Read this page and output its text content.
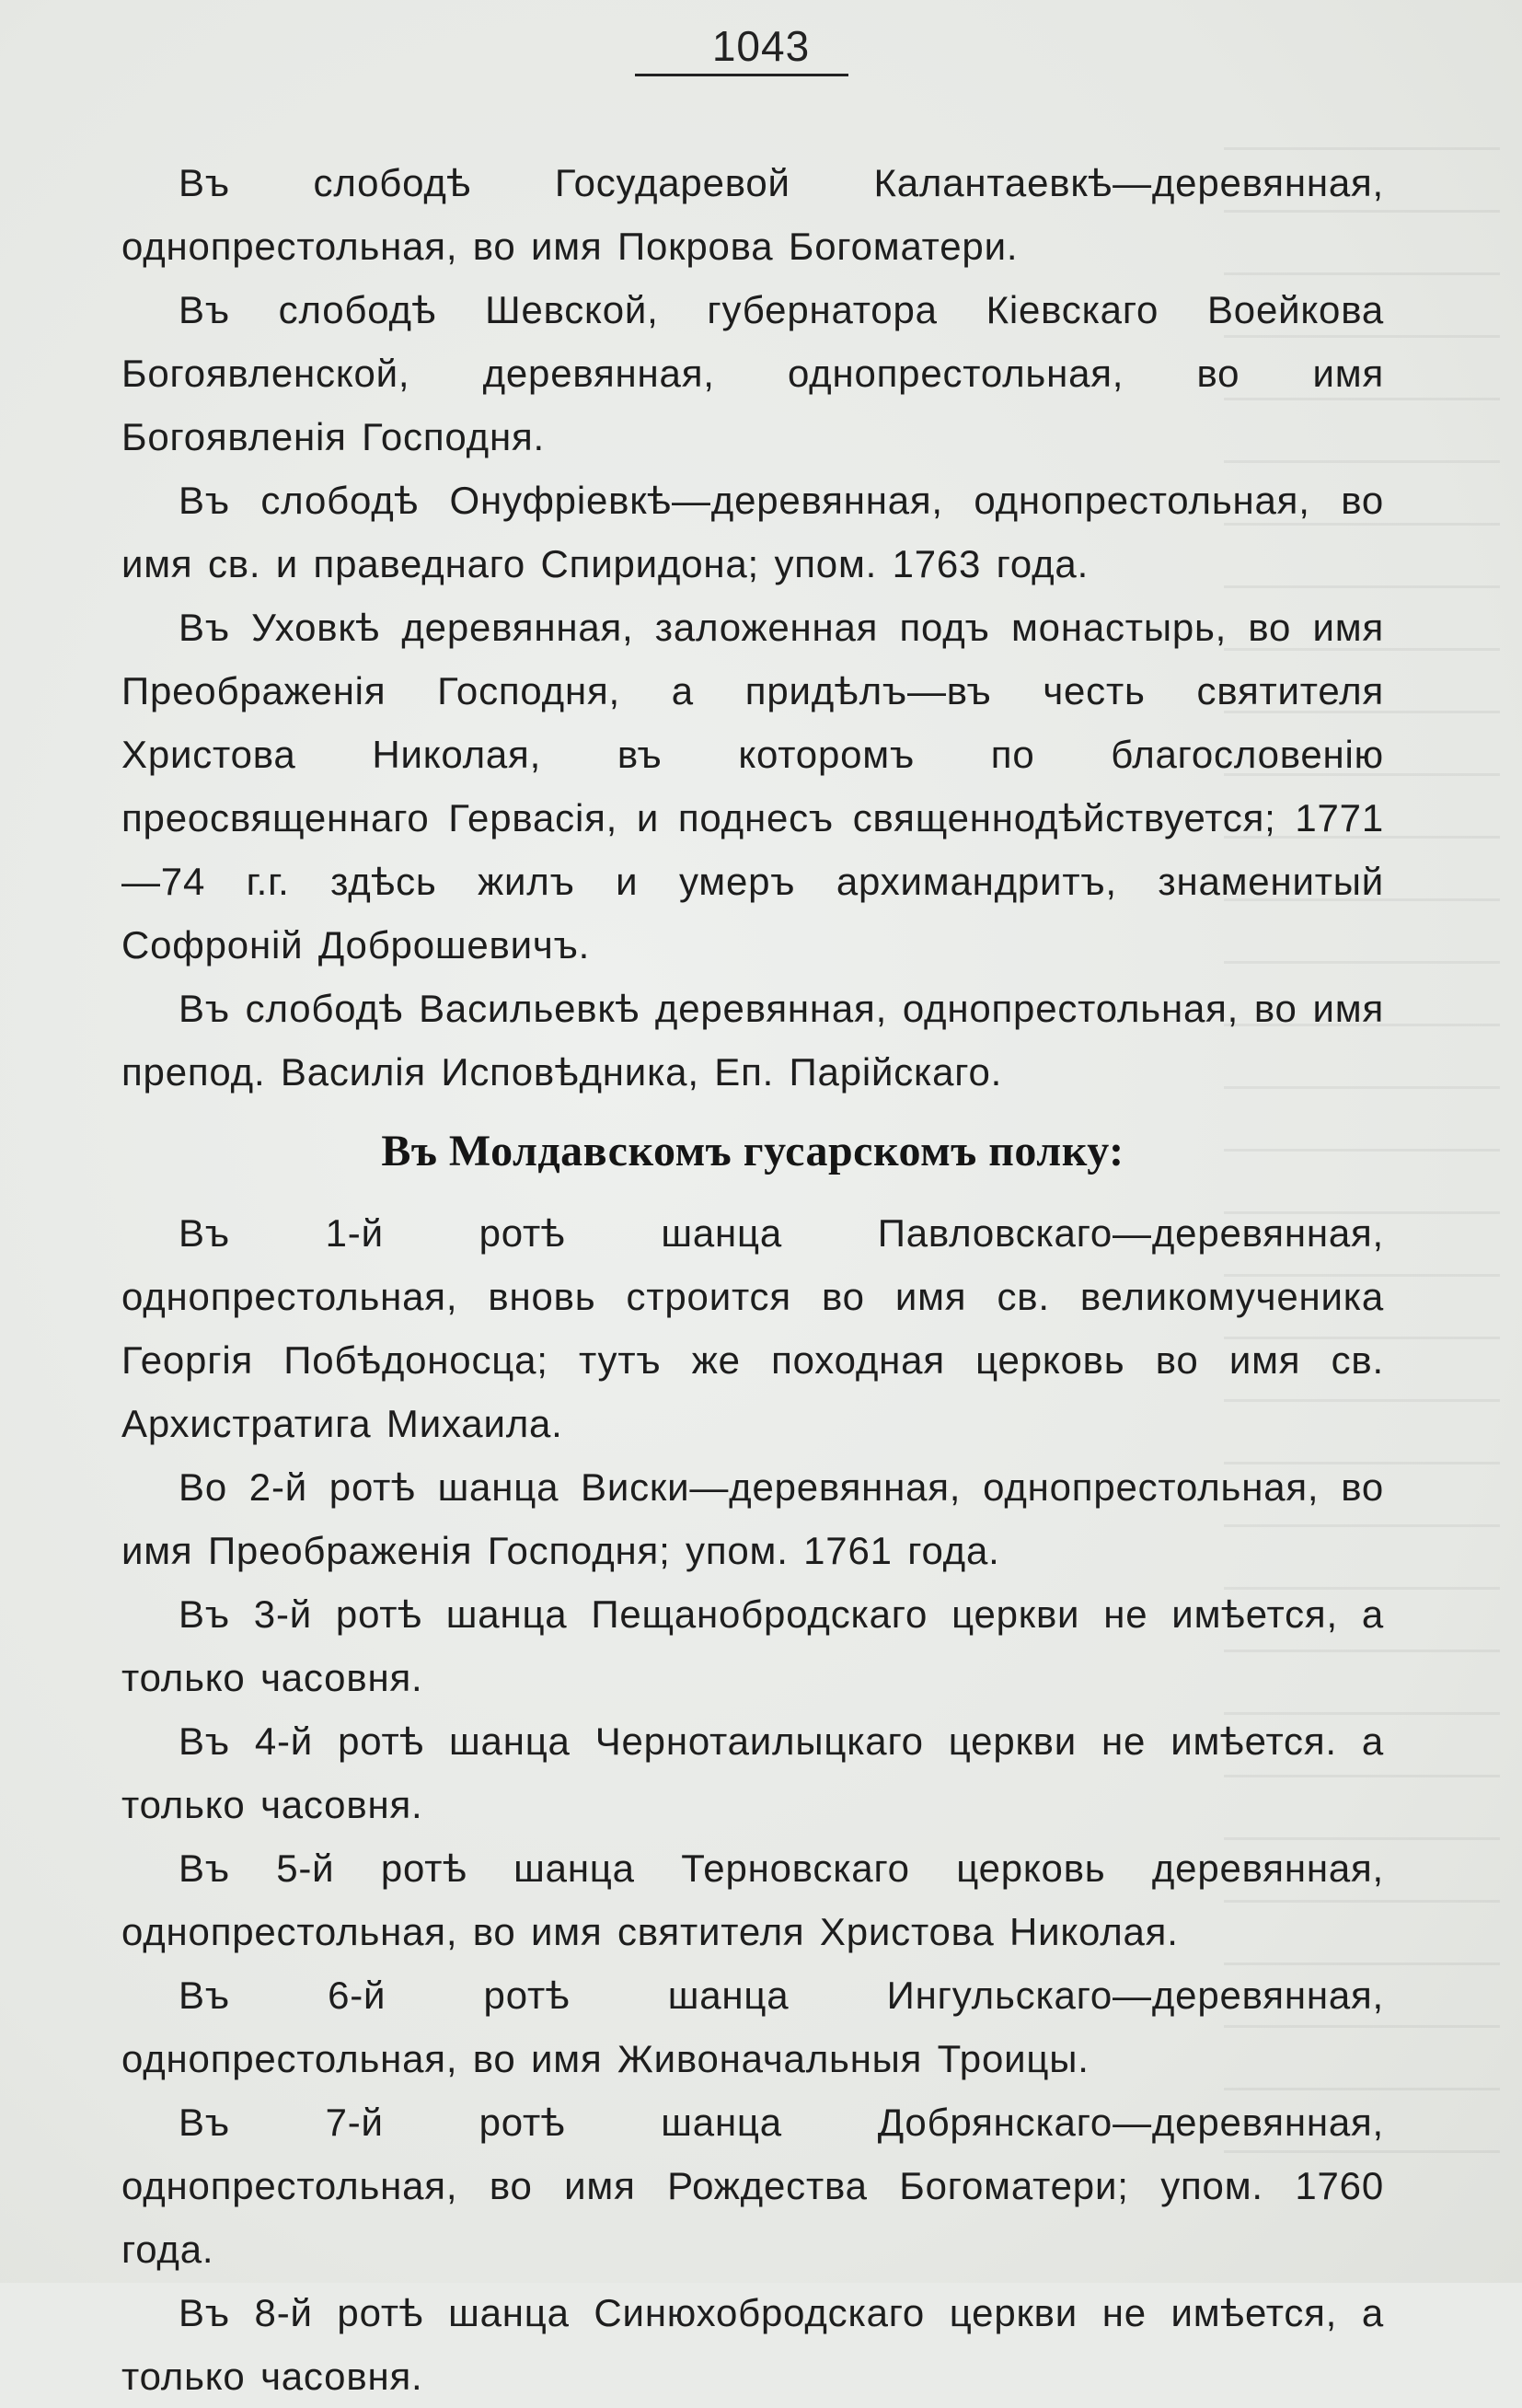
1043

Въ слободѣ Государевой Калантаевкѣ—деревянная, однопрестольная, во имя Покрова Богоматери.

Въ слободѣ Шевской, губернатора Кіевскаго Воейкова Богоявленской, деревянная, однопрестольная, во имя Богоявленія Господня.

Въ слободѣ Онуфріевкѣ—деревянная, однопрестольная, во имя св. и праведнаго Спиридона; упом. 1763 года.

Въ Уховкѣ деревянная, заложенная подъ монастырь, во имя Преображенія Господня, а придѣлъ—въ честь святителя Христова Николая, въ которомъ по благословенію преосвященнаго Гервасія, и поднесъ священнодѣйствуется; 1771—74 г.г. здѣсь жилъ и умеръ архимандритъ, знаменитый Софроній Доброшевичъ.

Въ слободѣ Васильевкѣ деревянная, однопрестольная, во имя препод. Василія Исповѣдника, Еп. Парійскаго.

Въ Молдавскомъ гусарскомъ полку:

Въ 1-й ротѣ шанца Павловскаго—деревянная, однопрестольная, вновь строится во имя св. великомученика Георгія Побѣдоносца; тутъ же походная церковь во имя св. Архистратига Михаила.

Во 2-й ротѣ шанца Виски—деревянная, однопрестольная, во имя Преображенія Господня; упом. 1761 года.

Въ 3-й ротѣ шанца Пещанобродскаго церкви не имѣется, а только часовня.

Въ 4-й ротѣ шанца Чернотаилыцкаго церкви не имѣется. а только часовня.

Въ 5-й ротѣ шанца Терновскаго церковь деревянная, однопрестольная, во имя святителя Христова Николая.

Въ 6-й ротѣ шанца Ингульскаго—деревянная, однопрестольная, во имя Живоначальныя Троицы.

Въ 7-й ротѣ шанца Добрянскаго—деревянная, однопрестольная, во имя Рождества Богоматери; упом. 1760 года.

Въ 8-й ротѣ шанца Синюхобродскаго церкви не имѣется, а только часовня.
